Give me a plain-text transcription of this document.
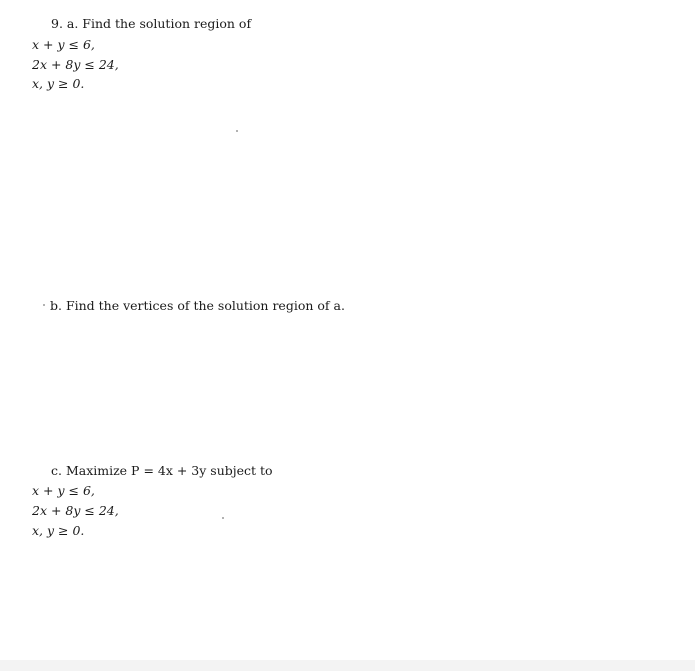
9. a. Find the solution region of
x + y ≤ 6,
2x + 8y ≤ 24,
x, y ≥ 0.
b. Find the vertices of the solution region of a.
c. Maximize P = 4x + 3y subject to
x + y ≤ 6,
2x + 8y ≤ 24,
x, y ≥ 0.
